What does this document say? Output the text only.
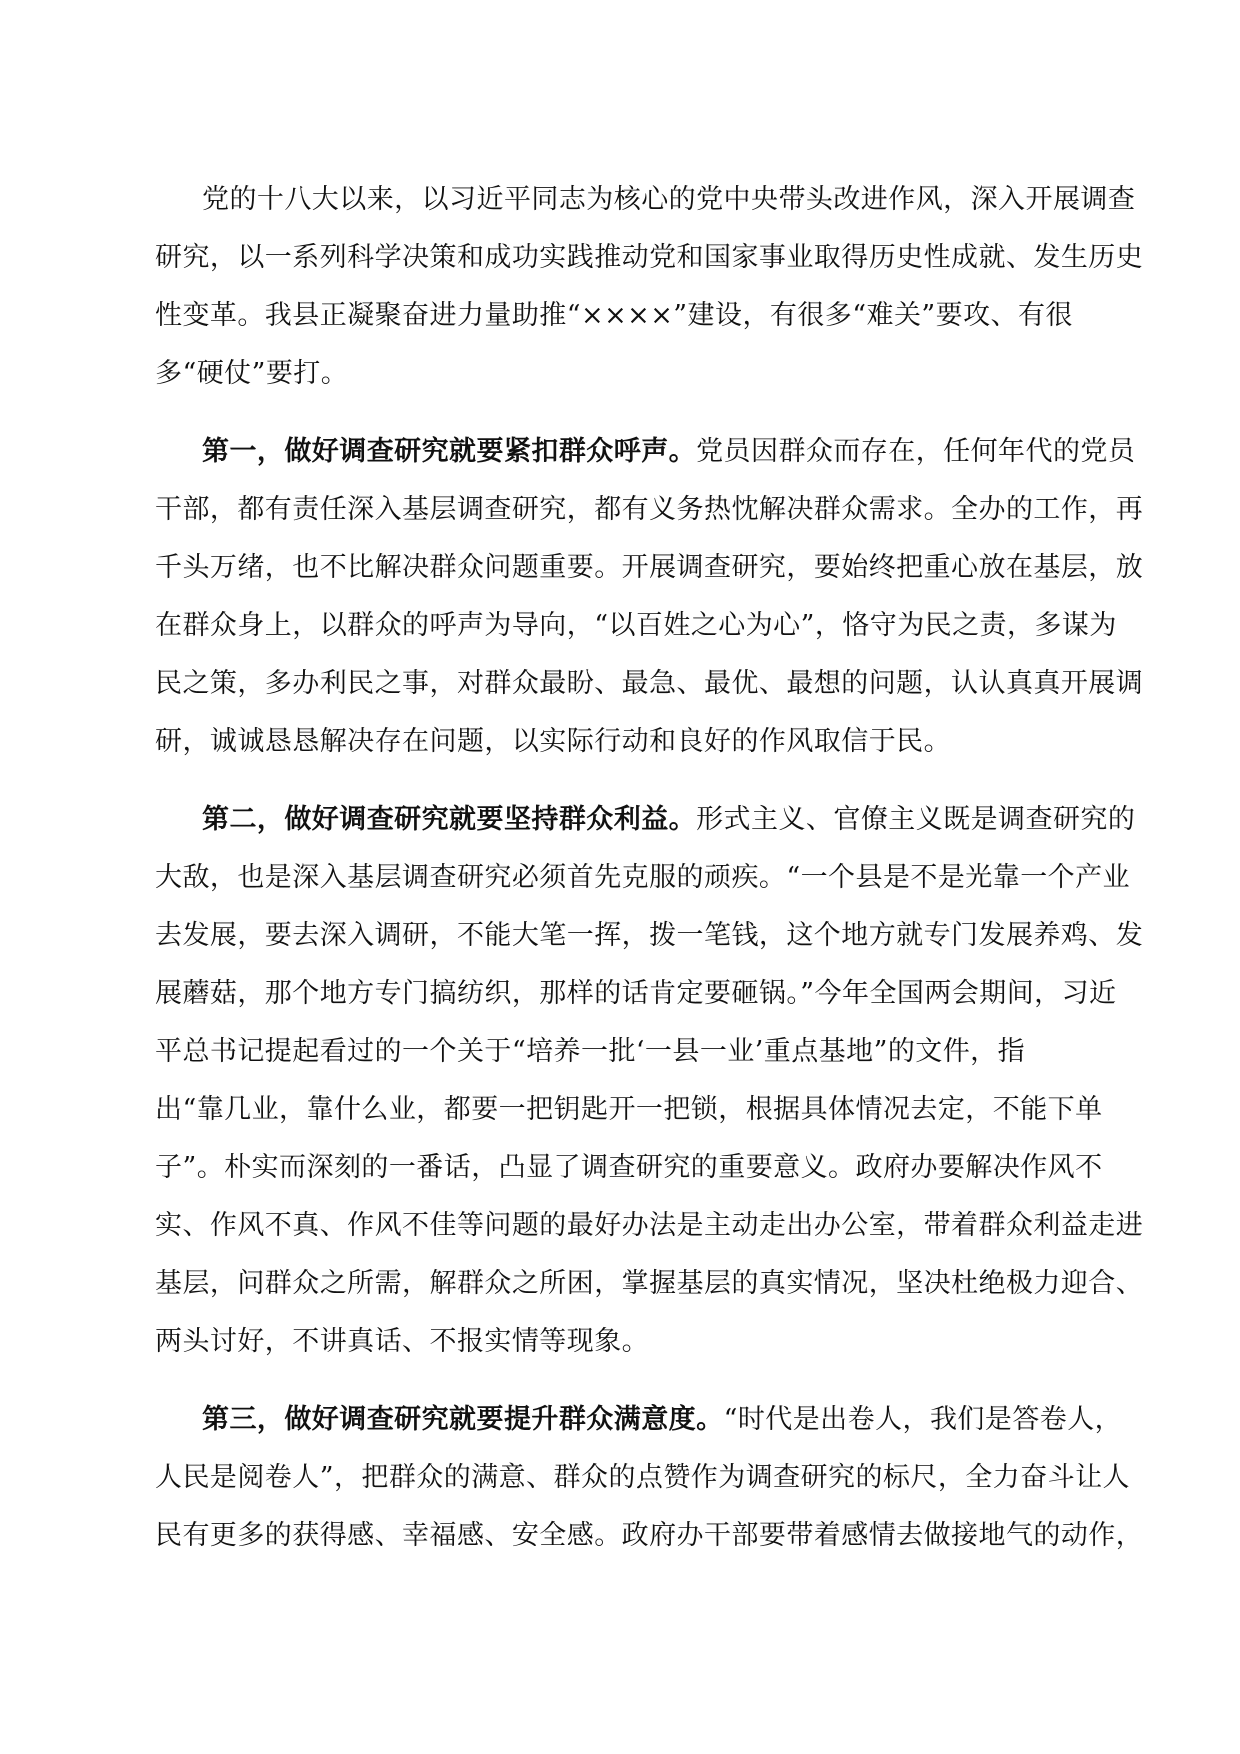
党的十八大以来，以习近平同志为核心的党中央带头改进作风，深入开展调查
研究，以一系列科学决策和成功实践推动党和国家事业取得历史性成就、发生历史
性变革。我县正凝聚奋进力量助推“××××”建设，有很多“难关”要攻、有很
多“硬仗”要打。
第一，做好调查研究就要紧扣群众呼声。党员因群众而存在，任何年代的党员
干部，都有责任深入基层调查研究，都有义务热忱解决群众需求。全办的工作，再
千头万绪，也不比解决群众问题重要。开展调查研究，要始终把重心放在基层，放
在群众身上，以群众的呼声为导向，“以百姓之心为心”，恪守为民之责，多谋为
民之策，多办利民之事，对群众最盼、最急、最优、最想的问题，认认真真开展调
研，诚诚恳恳解决存在问题，以实际行动和良好的作风取信于民。
第二，做好调查研究就要坚持群众利益。形式主义、官僚主义既是调查研究的
大敌，也是深入基层调查研究必须首先克服的顽疾。“一个县是不是光靠一个产业
去发展，要去深入调研，不能大笔一挥，拨一笔钱，这个地方就专门发展养鸡、发
展蘑菇，那个地方专门搞纺织，那样的话肯定要砸锅。”今年全国两会期间，习近
平总书记提起看过的一个关于“培养一批‘一县一业’重点基地”的文件，指
出“靠几业，靠什么业，都要一把钥匙开一把锁，根据具体情况去定，不能下单
子”。朴实而深刻的一番话，凸显了调查研究的重要意义。政府办要解决作风不
实、作风不真、作风不佳等问题的最好办法是主动走出办公室，带着群众利益走进
基层，问群众之所需，解群众之所困，掌握基层的真实情况，坚决杜绝极力迎合、
两头讨好，不讲真话、不报实情等现象。
第三，做好调查研究就要提升群众满意度。“时代是出卷人，我们是答卷人，
人民是阅卷人”，把群众的满意、群众的点赞作为调查研究的标尺，全力奋斗让人
民有更多的获得感、幸福感、安全感。政府办干部要带着感情去做接地气的动作，
